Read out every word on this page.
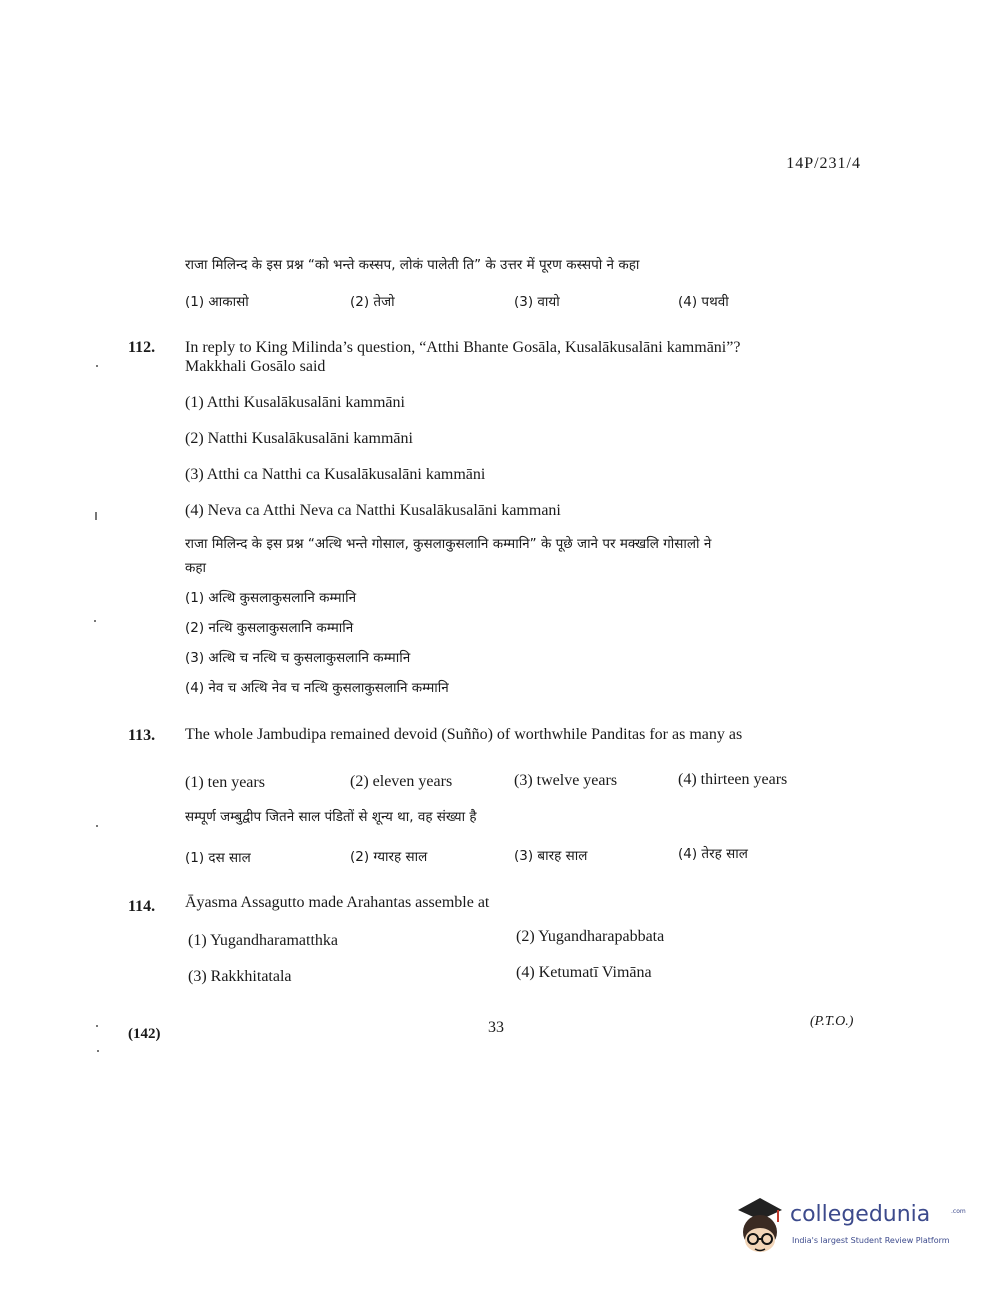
14P/231/4
राजा मिलिन्द के इस प्रश्न “को भन्ते कस्सप, लोकं पालेती ति” के उत्तर में पूरण कस्सपो ने कहा
(1) आकासो	(2) तेजो	(3) वायो	(4) पथवी
112. In reply to King Milinda’s question, “Atthi Bhante Gosāla, Kusalākusalāni kammāni”?
Makkhali Gosālo said
(1) Atthi Kusalākusalāni kammāni
(2) Natthi Kusalākusalāni kammāni
(3) Atthi ca Natthi ca Kusalākusalāni kammāni
(4) Neva ca Atthi Neva ca Natthi Kusalākusalāni kammani
राजा मिलिन्द के इस प्रश्न “अत्थि भन्ते गोसाल, कुसलाकुसलानि कम्मानि” के पूछे जाने पर मक्खलि गोसालो ने
कहा
(1) अत्थि कुसलाकुसलानि कम्मानि
(2) नत्थि कुसलाकुसलानि कम्मानि
(3) अत्थि च नत्थि च कुसलाकुसलानि कम्मानि
(4) नेव च अत्थि नेव च नत्थि कुसलाकुसलानि कम्मानि
113. The whole Jambudipa remained devoid (Suñño) of worthwhile Panditas for as many as
(1) ten years	(2) eleven years	(3) twelve years	(4) thirteen years
सम्पूर्ण जम्बुद्वीप जितने साल पंडितों से शून्य था, वह संख्या है
(1) दस साल	(2) ग्यारह साल	(3) बारह साल	(4) तेरह साल
114. Āyasma Assagutto made Arahantas assemble at
(1) Yugandharamatthka	(2) Yugandharapabbata
(3) Rakkhitatala	(4) Ketumatī Vimāna
(142)	33	(P.T.O.)
collegedunia	.com
India's largest Student Review Platform
